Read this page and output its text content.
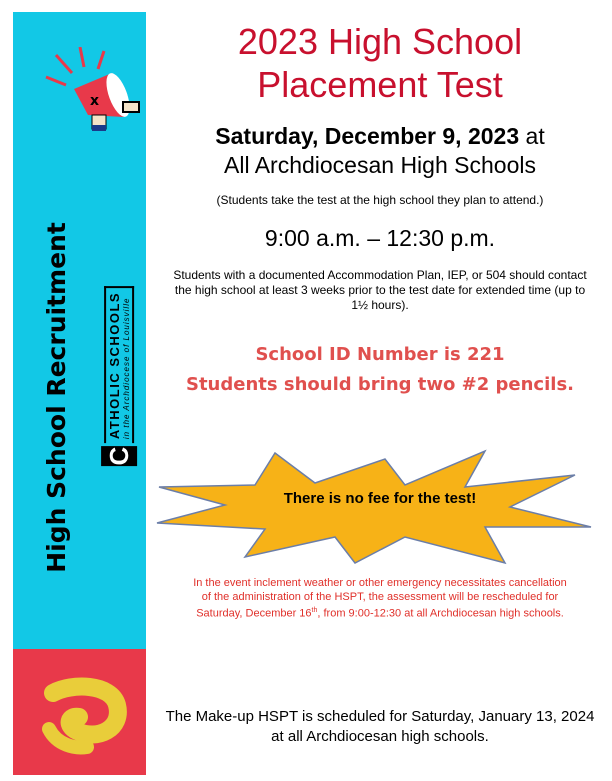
x
High School Recruitment C
ATHOLIC SCHOOLS in the Archdiocese of Louisville
2023 High School
Placement Test
Saturday, December 9, 2023 at
All Archdiocesan High Schools
(Students take the test at the high school they plan to attend.)
9:00 a.m. – 12:30 p.m.
Students with a documented Accommodation Plan, IEP, or 504 should contact the high school at least 3 weeks prior to the test date for extended time (up to 1½ hours).
School ID Number is 221
Students should bring two #2 pencils.
There is no fee for the test!
In the event inclement weather or other emergency necessitates cancellation of the administration of the HSPT, the assessment will be rescheduled for Saturday, December 16th, from 9:00-12:30 at all Archdiocesan high schools.
The Make-up HSPT is scheduled for Saturday, January 13, 2024 at all Archdiocesan high schools.
